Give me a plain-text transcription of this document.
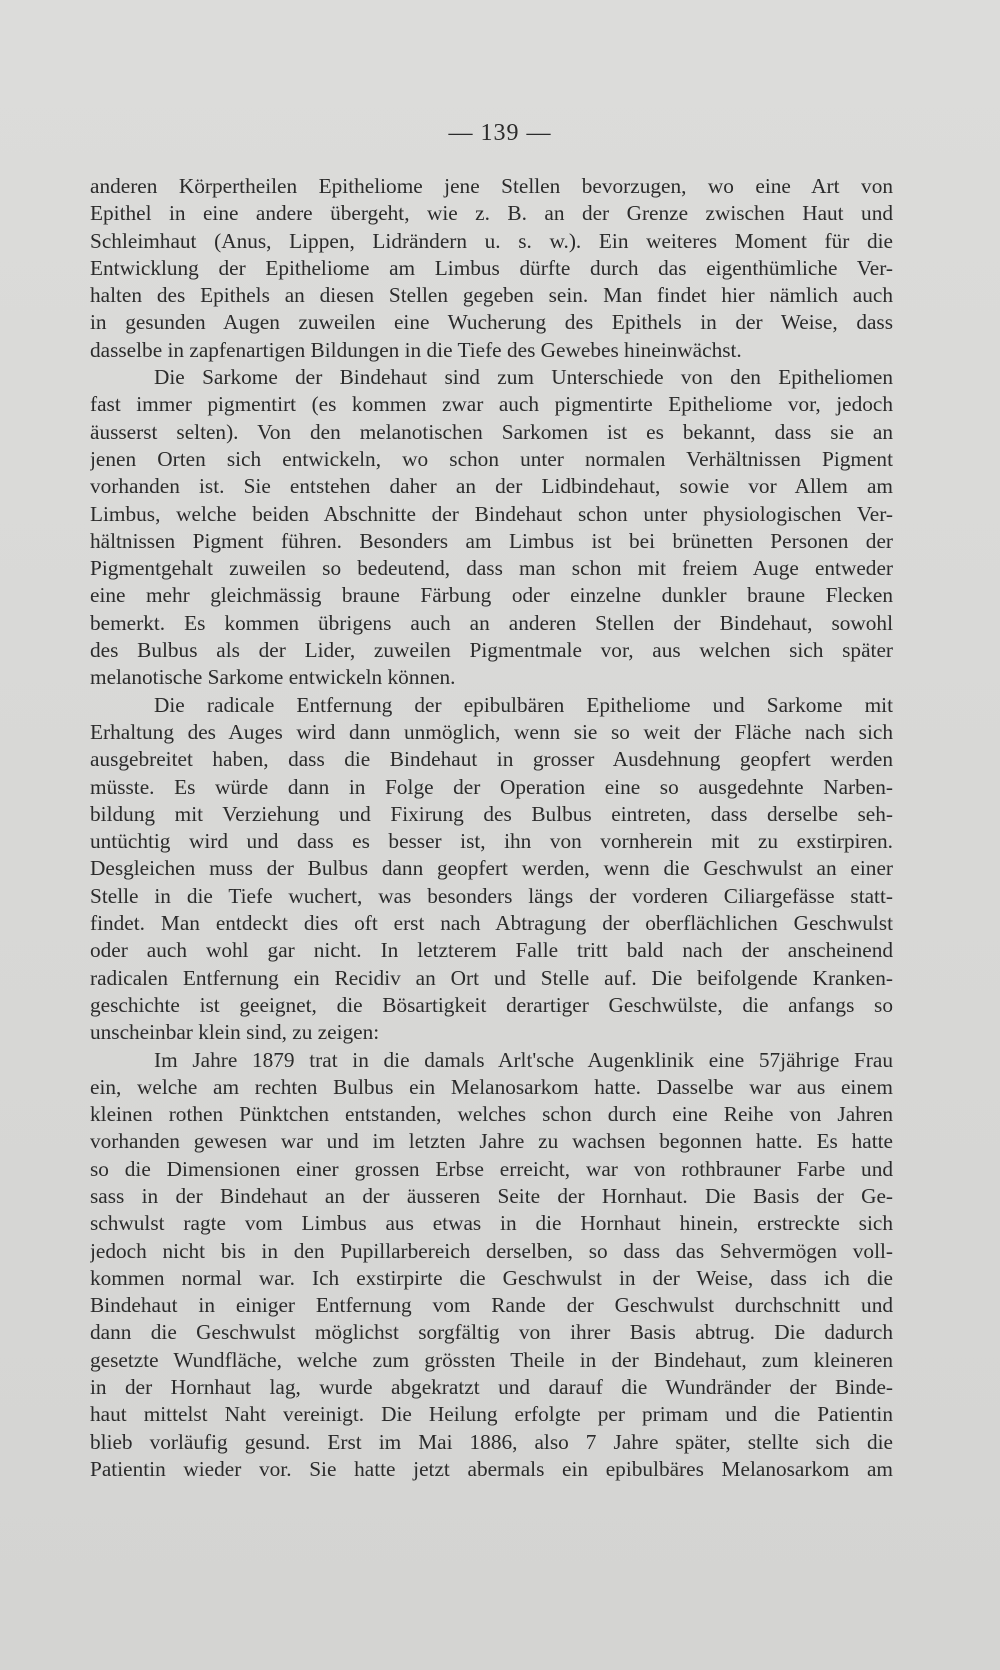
— 139 —
anderen Körpertheilen Epitheliome jene Stellen bevorzugen, wo eine Art von
Epithel in eine andere übergeht, wie z. B. an der Grenze zwischen Haut und
Schleimhaut (Anus, Lippen, Lidrändern u. s. w.). Ein weiteres Moment für die
Entwicklung der Epitheliome am Limbus dürfte durch das eigenthümliche Ver-
halten des Epithels an diesen Stellen gegeben sein. Man findet hier nämlich auch
in gesunden Augen zuweilen eine Wucherung des Epithels in der Weise, dass
dasselbe in zapfenartigen Bildungen in die Tiefe des Gewebes hineinwächst.
Die Sarkome der Bindehaut sind zum Unterschiede von den Epitheliomen
fast immer pigmentirt (es kommen zwar auch pigmentirte Epitheliome vor, jedoch
äusserst selten). Von den melanotischen Sarkomen ist es bekannt, dass sie an
jenen Orten sich entwickeln, wo schon unter normalen Verhältnissen Pigment
vorhanden ist. Sie entstehen daher an der Lidbindehaut, sowie vor Allem am
Limbus, welche beiden Abschnitte der Bindehaut schon unter physiologischen Ver-
hältnissen Pigment führen. Besonders am Limbus ist bei brünetten Personen der
Pigmentgehalt zuweilen so bedeutend, dass man schon mit freiem Auge entweder
eine mehr gleichmässig braune Färbung oder einzelne dunkler braune Flecken
bemerkt. Es kommen übrigens auch an anderen Stellen der Bindehaut, sowohl
des Bulbus als der Lider, zuweilen Pigmentmale vor, aus welchen sich später
melanotische Sarkome entwickeln können.
Die radicale Entfernung der epibulbären Epitheliome und Sarkome mit
Erhaltung des Auges wird dann unmöglich, wenn sie so weit der Fläche nach sich
ausgebreitet haben, dass die Bindehaut in grosser Ausdehnung geopfert werden
müsste. Es würde dann in Folge der Operation eine so ausgedehnte Narben-
bildung mit Verziehung und Fixirung des Bulbus eintreten, dass derselbe seh-
untüchtig wird und dass es besser ist, ihn von vornherein mit zu exstirpiren.
Desgleichen muss der Bulbus dann geopfert werden, wenn die Geschwulst an einer
Stelle in die Tiefe wuchert, was besonders längs der vorderen Ciliargefässe statt-
findet. Man entdeckt dies oft erst nach Abtragung der oberflächlichen Geschwulst
oder auch wohl gar nicht. In letzterem Falle tritt bald nach der anscheinend
radicalen Entfernung ein Recidiv an Ort und Stelle auf. Die beifolgende Kranken-
geschichte ist geeignet, die Bösartigkeit derartiger Geschwülste, die anfangs so
unscheinbar klein sind, zu zeigen:
Im Jahre 1879 trat in die damals Arlt'sche Augenklinik eine 57jährige Frau
ein, welche am rechten Bulbus ein Melanosarkom hatte. Dasselbe war aus einem
kleinen rothen Pünktchen entstanden, welches schon durch eine Reihe von Jahren
vorhanden gewesen war und im letzten Jahre zu wachsen begonnen hatte. Es hatte
so die Dimensionen einer grossen Erbse erreicht, war von rothbrauner Farbe und
sass in der Bindehaut an der äusseren Seite der Hornhaut. Die Basis der Ge-
schwulst ragte vom Limbus aus etwas in die Hornhaut hinein, erstreckte sich
jedoch nicht bis in den Pupillarbereich derselben, so dass das Sehvermögen voll-
kommen normal war. Ich exstirpirte die Geschwulst in der Weise, dass ich die
Bindehaut in einiger Entfernung vom Rande der Geschwulst durchschnitt und
dann die Geschwulst möglichst sorgfältig von ihrer Basis abtrug. Die dadurch
gesetzte Wundfläche, welche zum grössten Theile in der Bindehaut, zum kleineren
in der Hornhaut lag, wurde abgekratzt und darauf die Wundränder der Binde-
haut mittelst Naht vereinigt. Die Heilung erfolgte per primam und die Patientin
blieb vorläufig gesund. Erst im Mai 1886, also 7 Jahre später, stellte sich die
Patientin wieder vor. Sie hatte jetzt abermals ein epibulbäres Melanosarkom am
